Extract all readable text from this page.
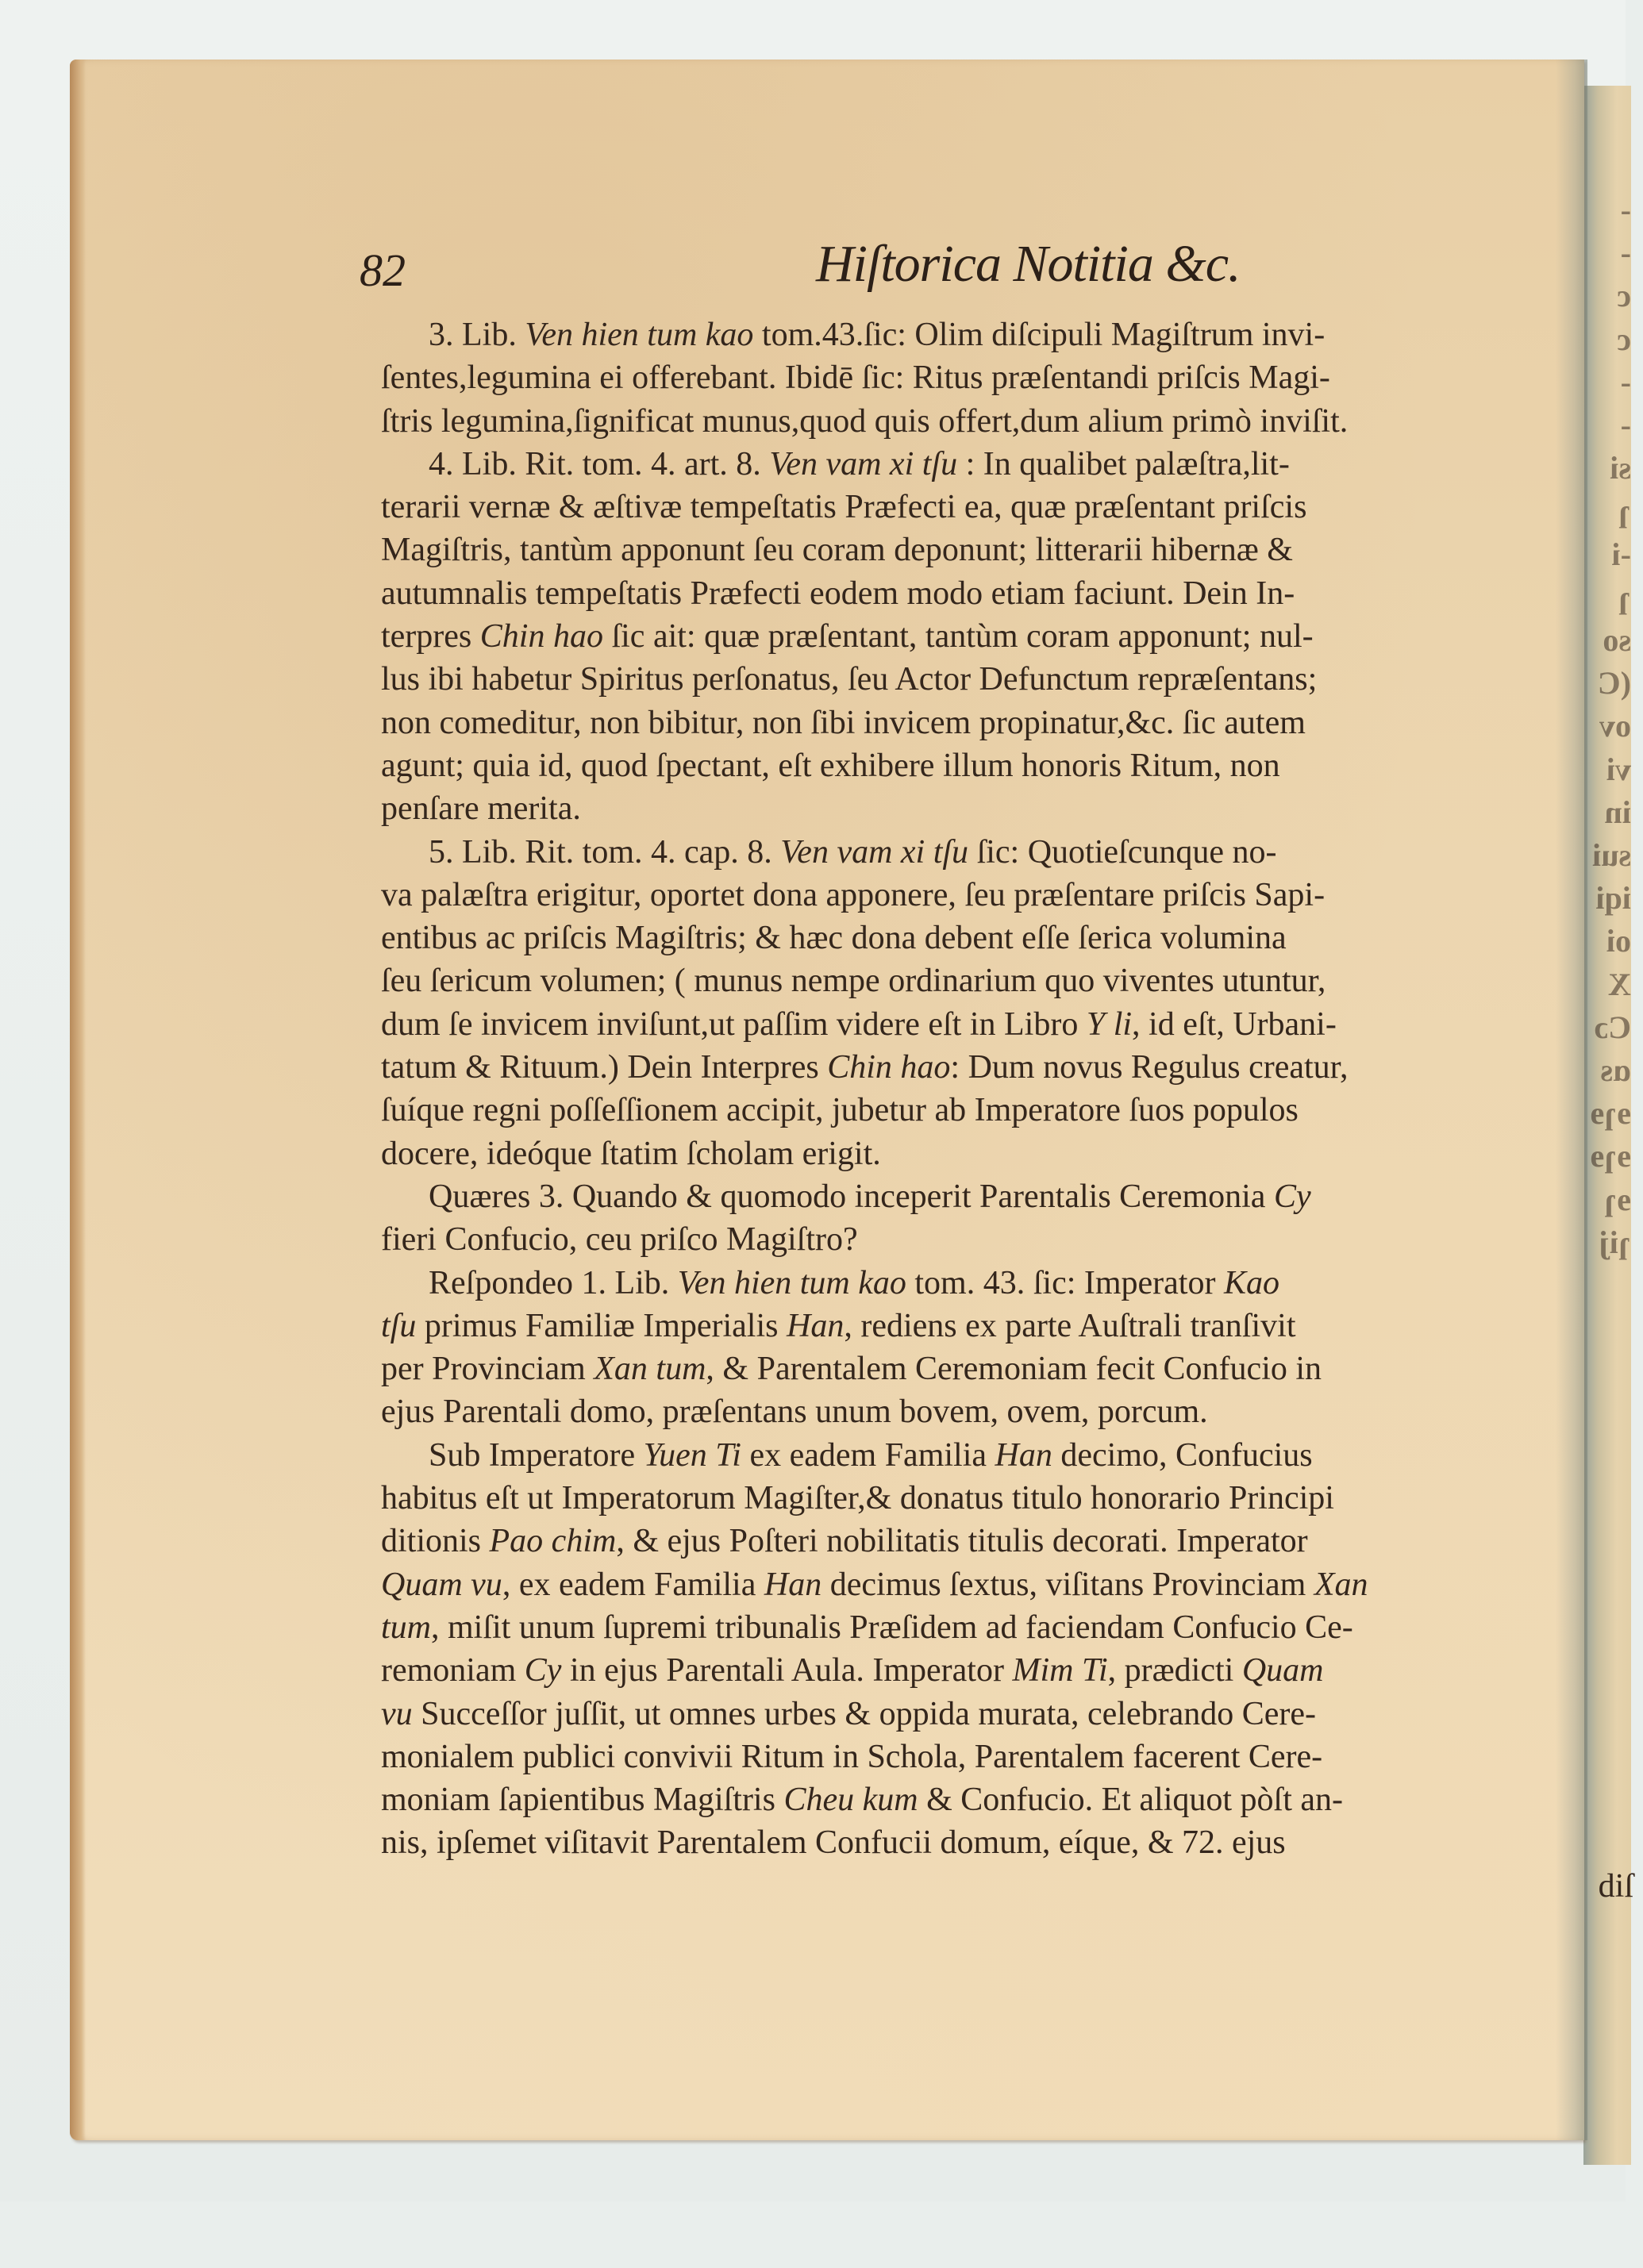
-
-
c
c
-
-
si
ɿ
-i
ɿ
so
(C
ov
vi
in
sui
iqi
oi
X
Cɔ
ɑs
ɘɿɘ
ɘɿɘ
ɘɿ
ɿij
82	Hiſtorica Notitia &c.
3. Lib. Ven hien tum kao tom.43.ſic: Olim diſcipuli Magiſtrum invi-
ſentes,legumina ei offerebant. Ibidē ſic: Ritus præſentandi priſcis Magi-
ſtris legumina,ſignificat munus,quod quis offert,dum alium primò inviſit.
4. Lib. Rit. tom. 4. art. 8. Ven vam xi tſu : In qualibet palæſtra,lit-
terarii vernæ & æſtivæ tempeſtatis Præfecti ea, quæ præſentant priſcis
Magiſtris, tantùm apponunt ſeu coram deponunt; litterarii hibernæ &
autumnalis tempeſtatis Præfecti eodem modo etiam faciunt. Dein In-
terpres Chin hao ſic ait: quæ præſentant, tantùm coram apponunt; nul-
lus ibi habetur Spiritus perſonatus, ſeu Actor Defunctum repræſentans;
non comeditur, non bibitur, non ſibi invicem propinatur,&c. ſic autem
agunt; quia id, quod ſpectant, eſt exhibere illum honoris Ritum, non
penſare merita.
5. Lib. Rit. tom. 4. cap. 8. Ven vam xi tſu ſic: Quotieſcunque no-
va palæſtra erigitur, oportet dona apponere, ſeu præſentare priſcis Sapi-
entibus ac priſcis Magiſtris; & hæc dona debent eſſe ſerica volumina
ſeu ſericum volumen; ( munus nempe ordinarium quo viventes utuntur,
dum ſe invicem inviſunt,ut paſſim videre eſt in Libro Y li, id eſt, Urbani-
tatum & Rituum.) Dein Interpres Chin hao: Dum novus Regulus creatur,
ſuíque regni poſſeſſionem accipit, jubetur ab Imperatore ſuos populos
docere, ideóque ſtatim ſcholam erigit.
Quæres 3. Quando & quomodo inceperit Parentalis Ceremonia Cy
fieri Confucio, ceu priſco Magiſtro?
Reſpondeo 1. Lib. Ven hien tum kao tom. 43. ſic: Imperator Kao
tſu primus Familiæ Imperialis Han, rediens ex parte Auſtrali tranſivit
per Provinciam Xan tum, & Parentalem Ceremoniam fecit Confucio in
ejus Parentali domo, præſentans unum bovem, ovem, porcum.
Sub Imperatore Yuen Ti ex eadem Familia Han decimo, Confucius
habitus eſt ut Imperatorum Magiſter,& donatus titulo honorario Principi
ditionis Pao chim, & ejus Poſteri nobilitatis titulis decorati. Imperator
Quam vu, ex eadem Familia Han decimus ſextus, viſitans Provinciam Xan
tum, miſit unum ſupremi tribunalis Præſidem ad faciendam Confucio Ce-
remoniam Cy in ejus Parentali Aula. Imperator Mim Ti, prædicti Quam
vu Succeſſor juſſit, ut omnes urbes & oppida murata, celebrando Cere-
monialem publici convivii Ritum in Schola, Parentalem facerent Cere-
moniam ſapientibus Magiſtris Cheu kum & Confucio. Et aliquot pòſt an-
nis, ipſemet viſitavit Parentalem Confucii domum, eíque, & 72. ejus
diſ
